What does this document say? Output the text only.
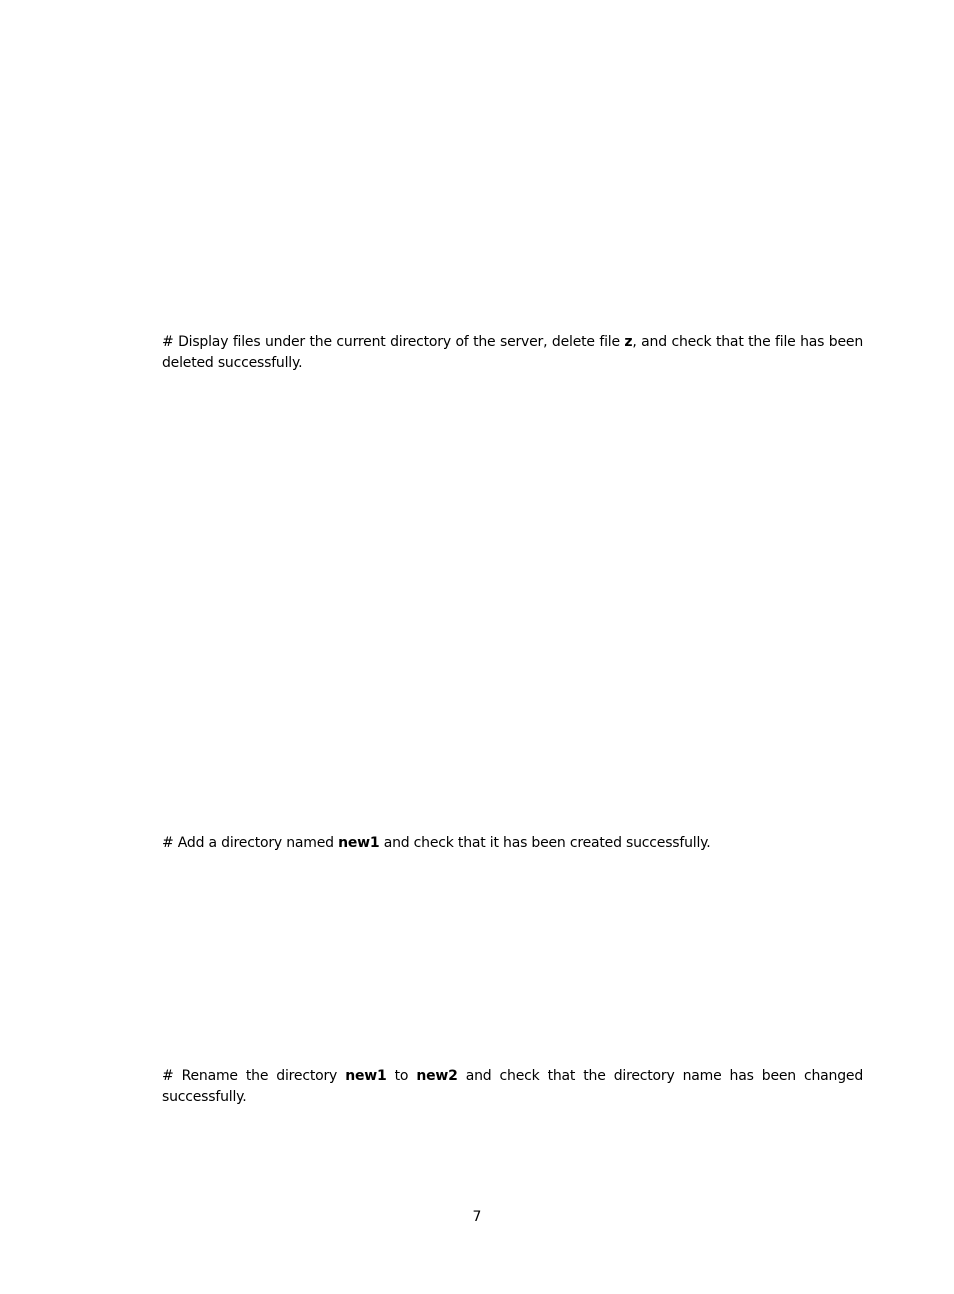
# Display files under the current directory of the server, delete file z, and check that the file has been deleted successfully.
# Add a directory named new1 and check that it has been created successfully.
# Rename the directory new1 to new2 and check that the directory name has been changed successfully.
7
